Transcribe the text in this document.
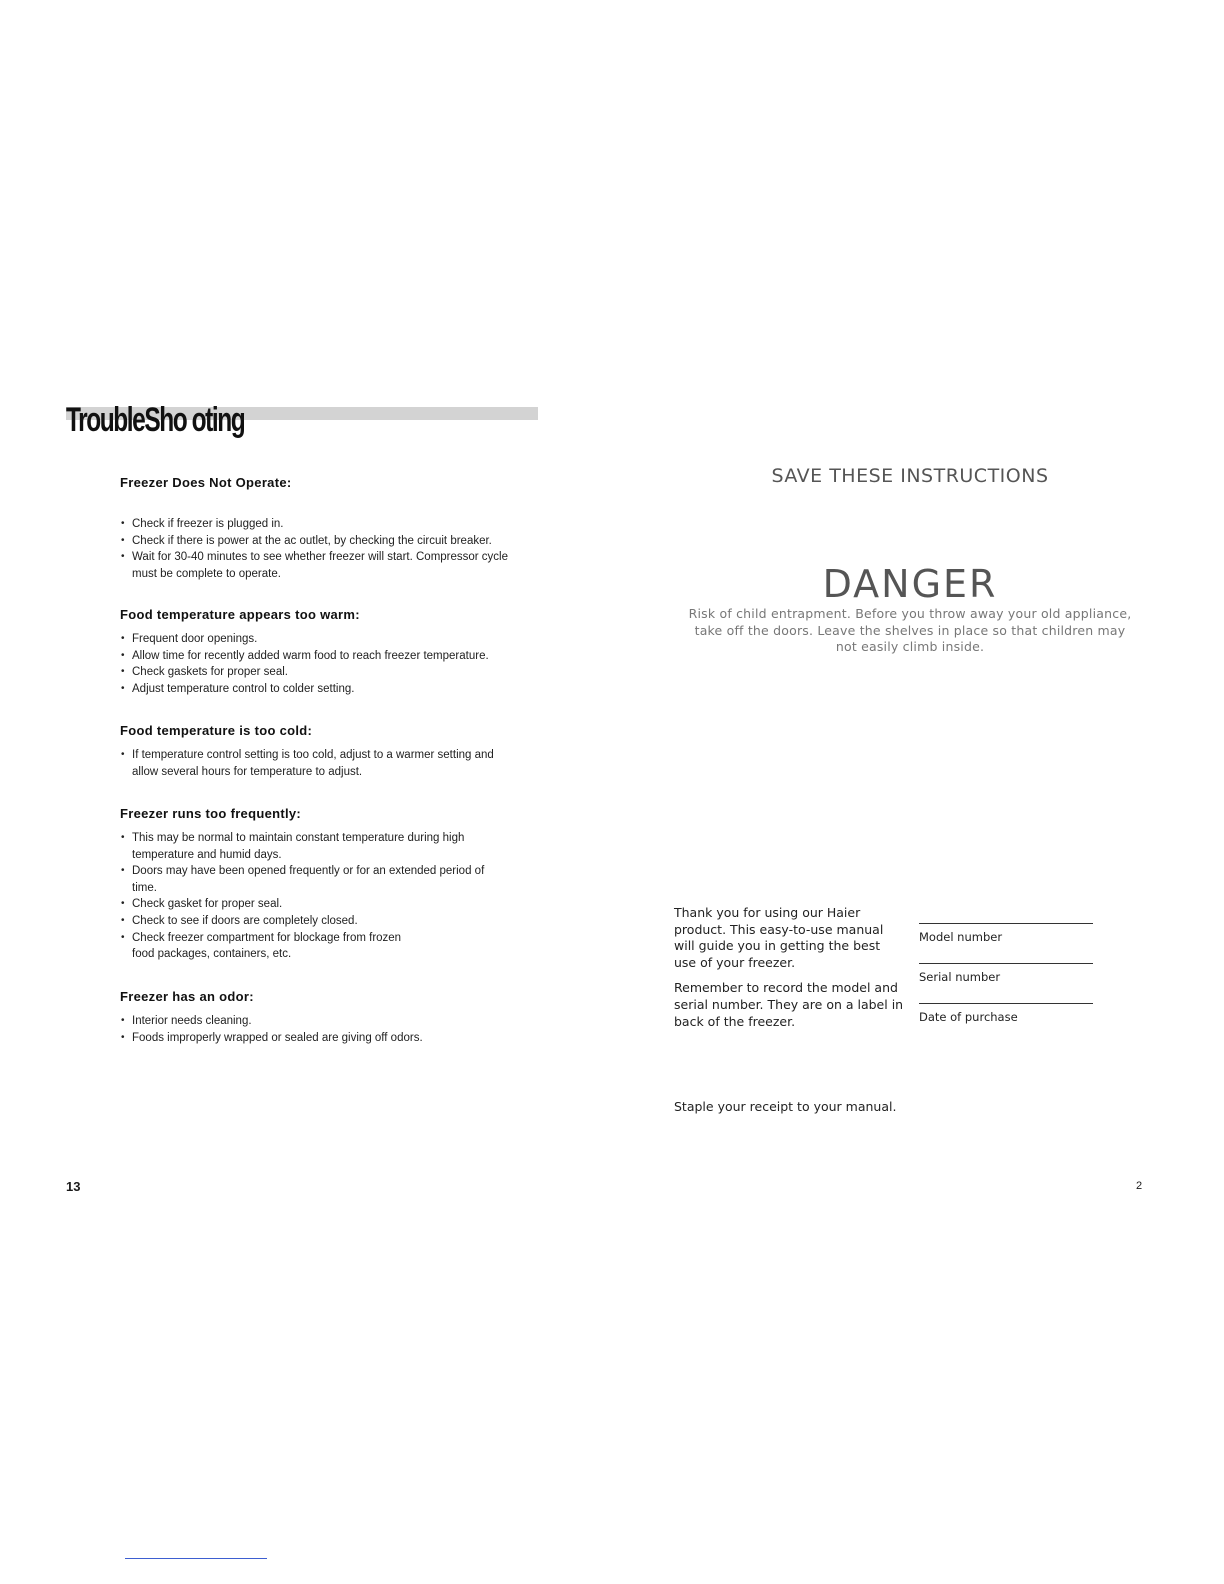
TroubleSho oting

Freezer Does Not Operate:

• Check if freezer is plugged in.
• Check if there is power at the ac outlet, by checking the circuit breaker.
• Wait for 30-40 minutes to see whether freezer will start. Compressor cycle must be complete to operate.

Food temperature appears too warm:

• Frequent door openings.
• Allow time for recently added warm food to reach freezer temperature.
• Check gaskets for proper seal.
• Adjust temperature control to colder setting.

Food temperature is too cold:

• If temperature control setting is too cold, adjust to a warmer setting and allow several hours for temperature to adjust.

Freezer runs too frequently:

• This may be normal to maintain constant temperature during high temperature and humid days.
• Doors may have been opened frequently or for an extended period of time.
• Check gasket for proper seal.
• Check to see if doors are completely closed.
• Check freezer compartment for blockage from frozen food packages, containers, etc.

Freezer has an odor:

• Interior needs cleaning.
• Foods improperly wrapped or sealed are giving off odors.
13
SAVE THESE INSTRUCTIONS
DANGER
Risk of child entrapment. Before you throw away your old appliance, take off the doors. Leave the shelves in place so that children may not easily climb inside.

Thank you for using our Haier product. This easy-to-use manual will guide you in getting the best use of your freezer.

Remember to record the model and serial number. They are on a label in back of the freezer.

Model number
Serial number
Date of purchase
Staple your receipt to your manual.
2
